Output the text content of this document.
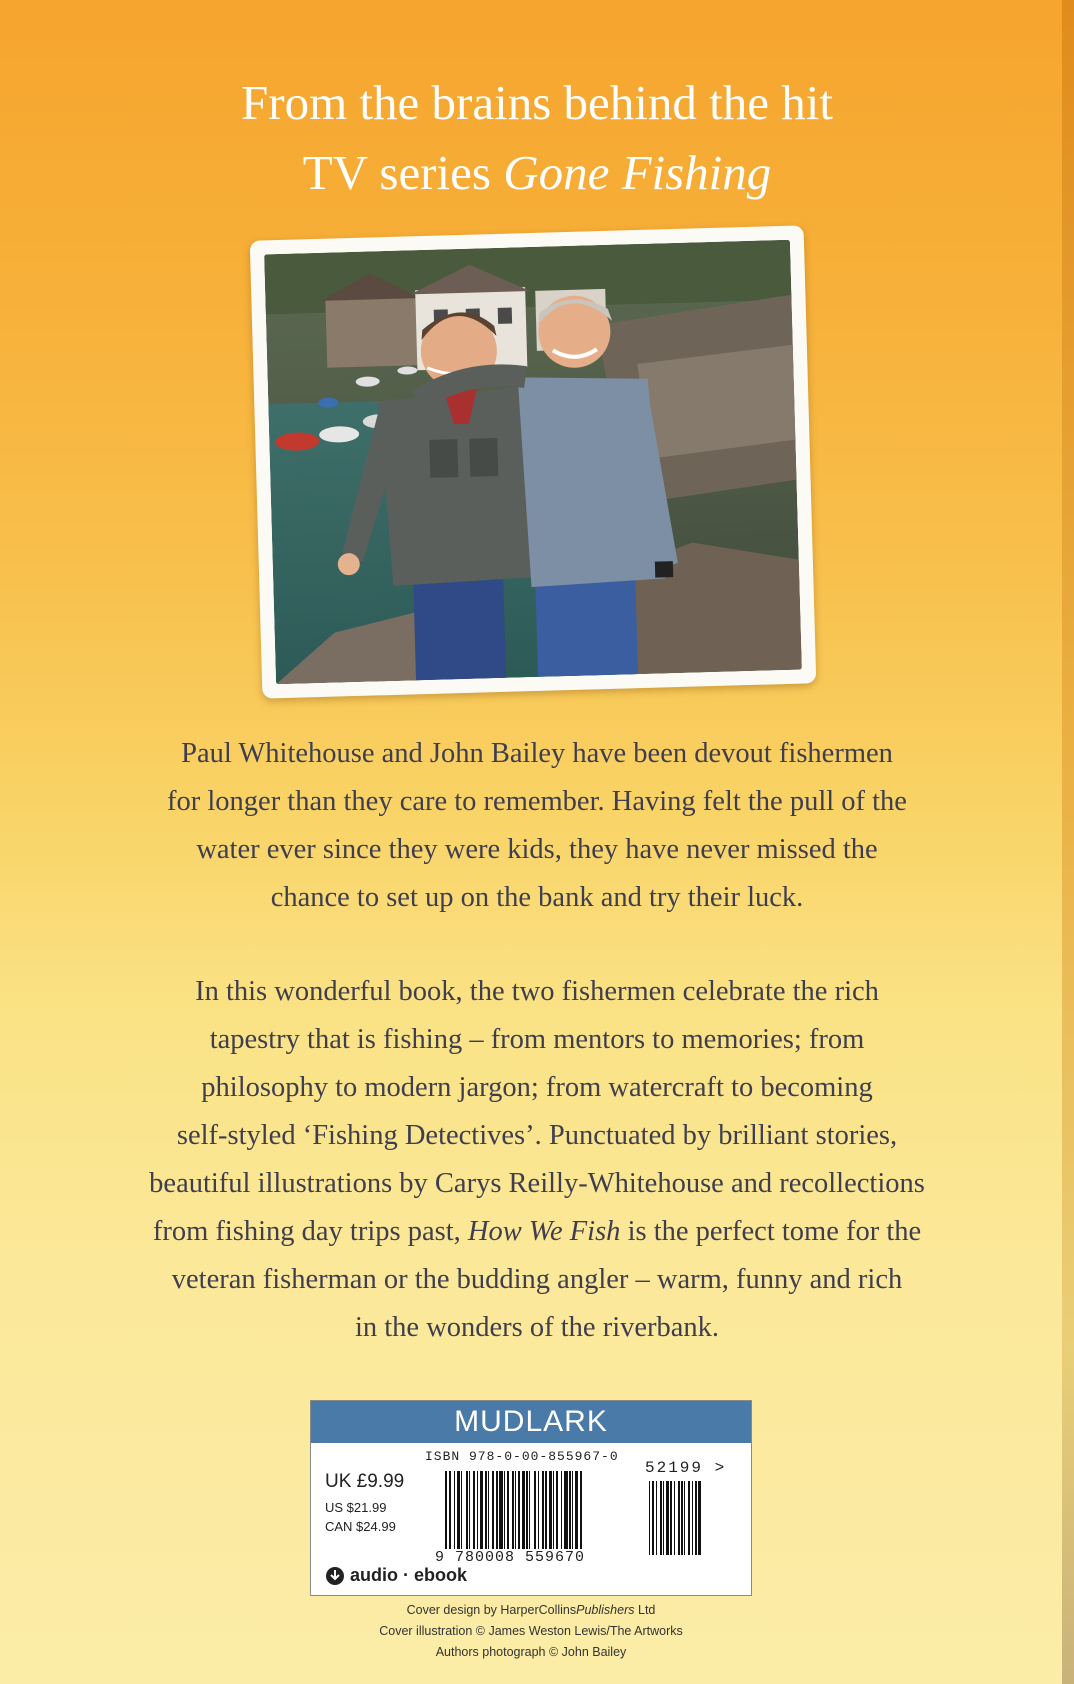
From the brains behind the hit
TV series Gone Fishing

Paul Whitehouse and John Bailey have been devout fishermen
for longer than they care to remember. Having felt the pull of the
water ever since they were kids, they have never missed the
chance to set up on the bank and try their luck.

In this wonderful book, the two fishermen celebrate the rich
tapestry that is fishing – from mentors to memories; from
philosophy to modern jargon; from watercraft to becoming
self-styled ‘Fishing Detectives’. Punctuated by brilliant stories,
beautiful illustrations by Carys Reilly-Whitehouse and recollections
from fishing day trips past, How We Fish is the perfect tome for the
veteran fisherman or the budding angler – warm, funny and rich
in the wonders of the riverbank.

MUDLARK
ISBN 978-0-00-855967-0
UK £9.99
US $21.99
CAN $24.99
9 780008 559670
52199 >
audio · ebook
Cover design by HarperCollinsPublishers Ltd
Cover illustration © James Weston Lewis/The Artworks
Authors photograph © John Bailey
